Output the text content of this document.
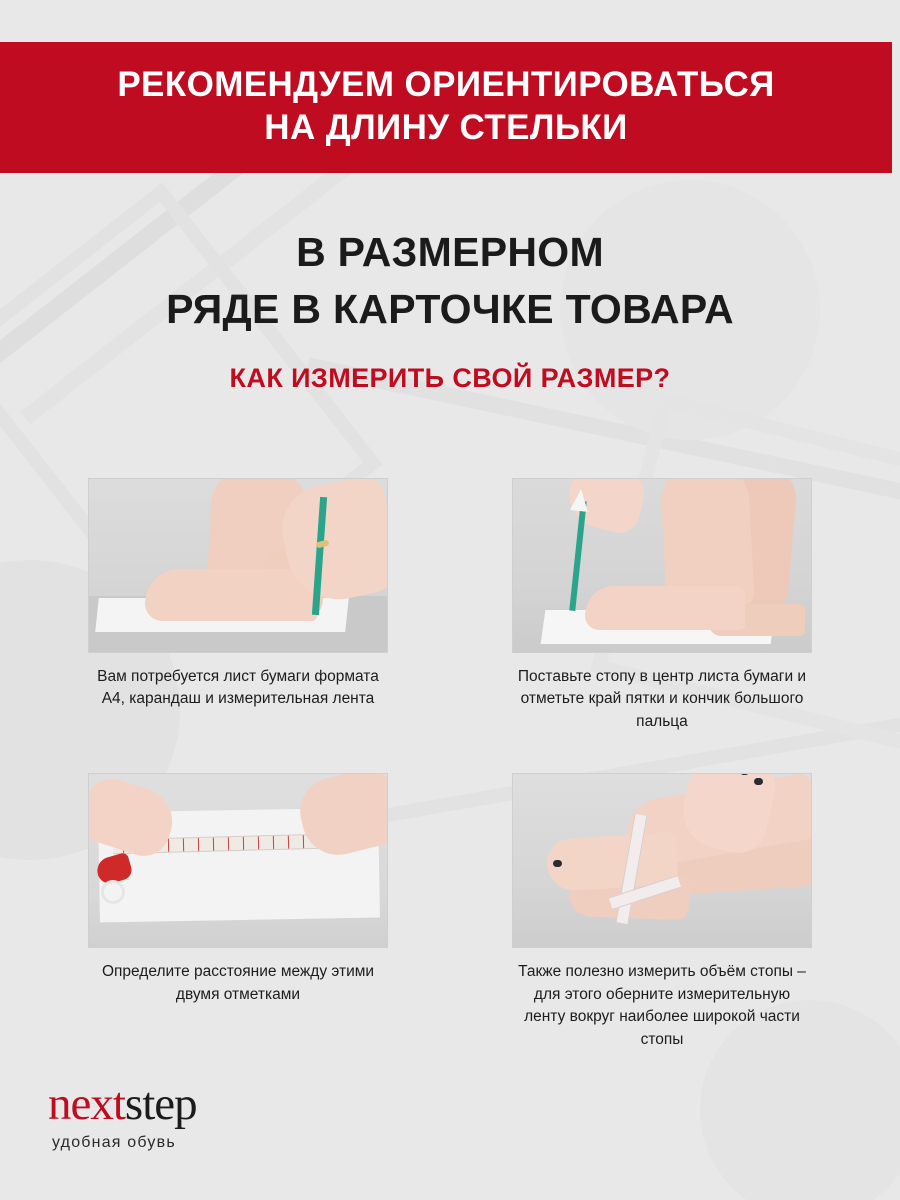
РЕКОМЕНДУЕМ ОРИЕНТИРОВАТЬСЯ
НА ДЛИНУ СТЕЛЬКИ
В РАЗМЕРНОМ
РЯДЕ В КАРТОЧКЕ ТОВАРА
КАК ИЗМЕРИТЬ СВОЙ РАЗМЕР?
Вам потребуется лист бумаги формата А4, карандаш и измерительная лента
Поставьте стопу в центр листа бумаги и отметьте край пятки и кончик большого пальца
Определите расстояние между этими двумя отметками
Также полезно измерить объём стопы – для этого оберните измерительную ленту вокруг наиболее широкой части стопы
nextstep
удобная обувь
